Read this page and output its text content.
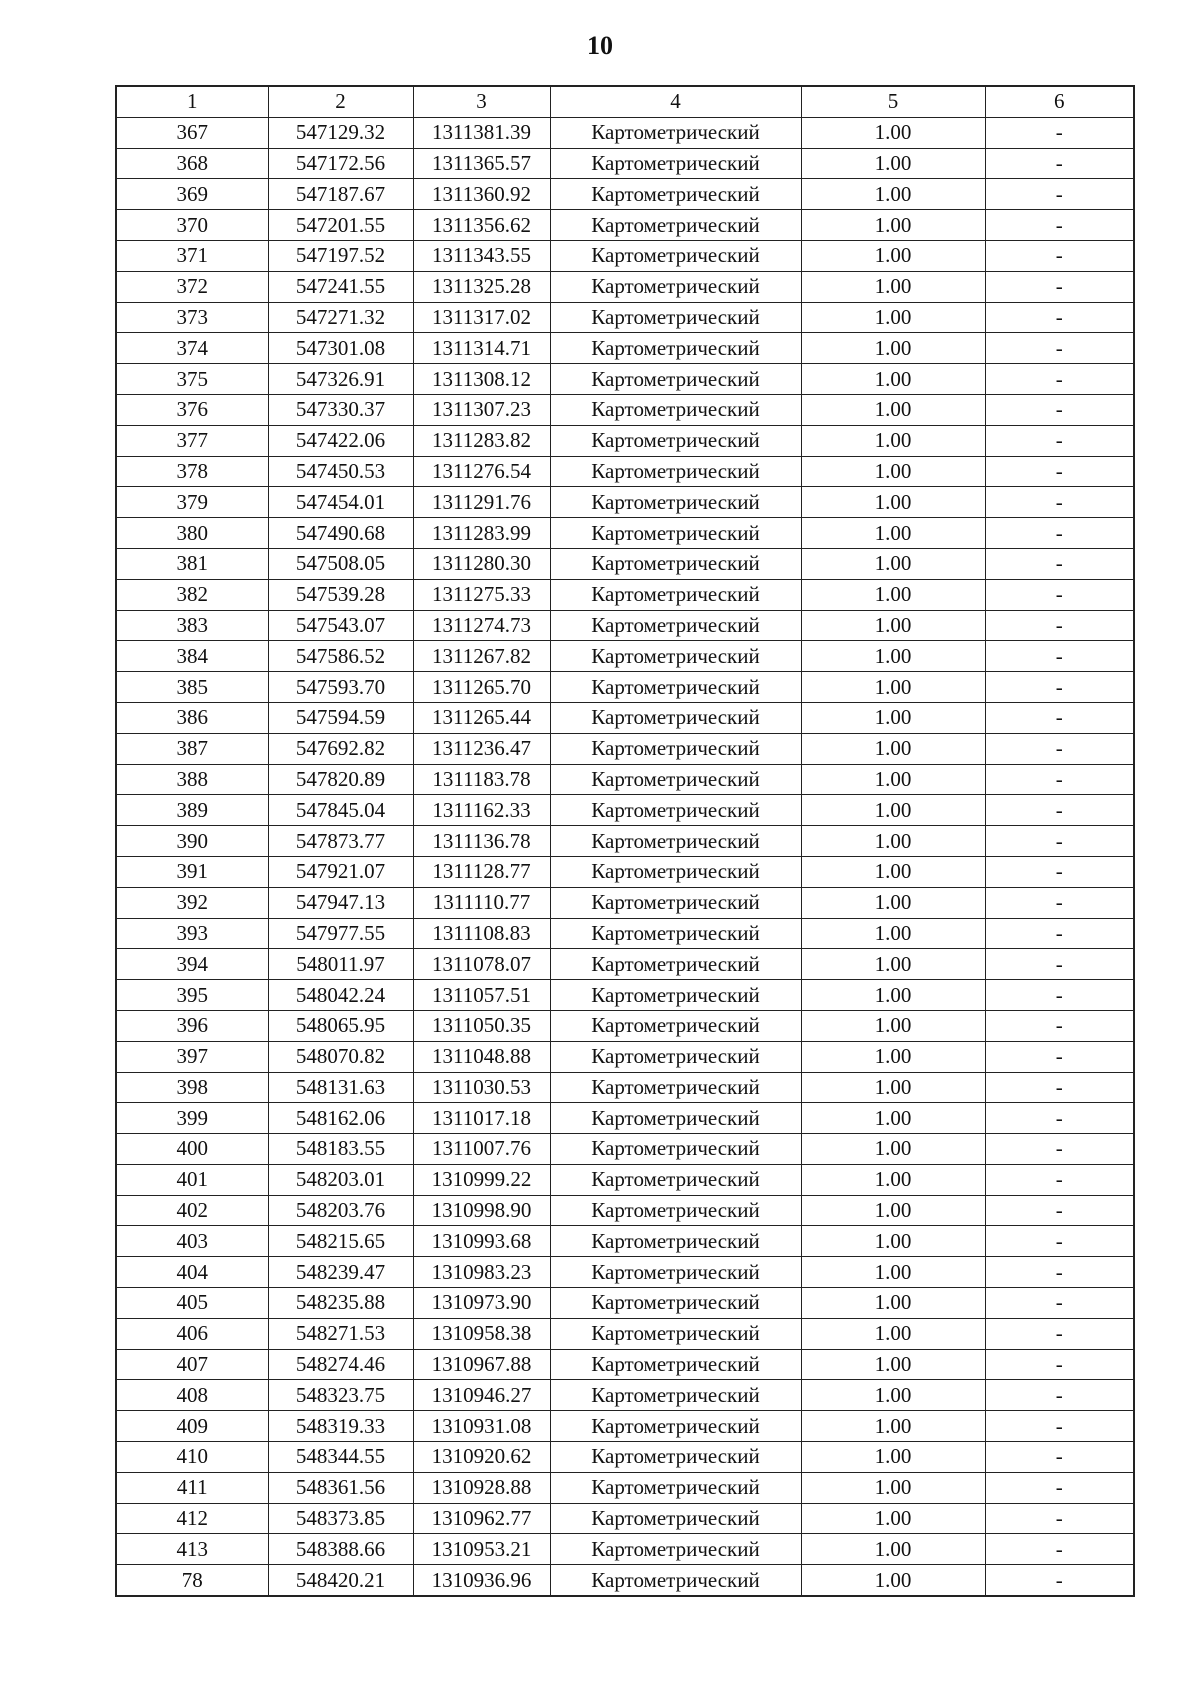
10
1	2	3	4	5	6
367	547129.32	1311381.39	Картометрический	1.00	-
368	547172.56	1311365.57	Картометрический	1.00	-
369	547187.67	1311360.92	Картометрический	1.00	-
370	547201.55	1311356.62	Картометрический	1.00	-
371	547197.52	1311343.55	Картометрический	1.00	-
372	547241.55	1311325.28	Картометрический	1.00	-
373	547271.32	1311317.02	Картометрический	1.00	-
374	547301.08	1311314.71	Картометрический	1.00	-
375	547326.91	1311308.12	Картометрический	1.00	-
376	547330.37	1311307.23	Картометрический	1.00	-
377	547422.06	1311283.82	Картометрический	1.00	-
378	547450.53	1311276.54	Картометрический	1.00	-
379	547454.01	1311291.76	Картометрический	1.00	-
380	547490.68	1311283.99	Картометрический	1.00	-
381	547508.05	1311280.30	Картометрический	1.00	-
382	547539.28	1311275.33	Картометрический	1.00	-
383	547543.07	1311274.73	Картометрический	1.00	-
384	547586.52	1311267.82	Картометрический	1.00	-
385	547593.70	1311265.70	Картометрический	1.00	-
386	547594.59	1311265.44	Картометрический	1.00	-
387	547692.82	1311236.47	Картометрический	1.00	-
388	547820.89	1311183.78	Картометрический	1.00	-
389	547845.04	1311162.33	Картометрический	1.00	-
390	547873.77	1311136.78	Картометрический	1.00	-
391	547921.07	1311128.77	Картометрический	1.00	-
392	547947.13	1311110.77	Картометрический	1.00	-
393	547977.55	1311108.83	Картометрический	1.00	-
394	548011.97	1311078.07	Картометрический	1.00	-
395	548042.24	1311057.51	Картометрический	1.00	-
396	548065.95	1311050.35	Картометрический	1.00	-
397	548070.82	1311048.88	Картометрический	1.00	-
398	548131.63	1311030.53	Картометрический	1.00	-
399	548162.06	1311017.18	Картометрический	1.00	-
400	548183.55	1311007.76	Картометрический	1.00	-
401	548203.01	1310999.22	Картометрический	1.00	-
402	548203.76	1310998.90	Картометрический	1.00	-
403	548215.65	1310993.68	Картометрический	1.00	-
404	548239.47	1310983.23	Картометрический	1.00	-
405	548235.88	1310973.90	Картометрический	1.00	-
406	548271.53	1310958.38	Картометрический	1.00	-
407	548274.46	1310967.88	Картометрический	1.00	-
408	548323.75	1310946.27	Картометрический	1.00	-
409	548319.33	1310931.08	Картометрический	1.00	-
410	548344.55	1310920.62	Картометрический	1.00	-
411	548361.56	1310928.88	Картометрический	1.00	-
412	548373.85	1310962.77	Картометрический	1.00	-
413	548388.66	1310953.21	Картометрический	1.00	-
78	548420.21	1310936.96	Картометрический	1.00	-
